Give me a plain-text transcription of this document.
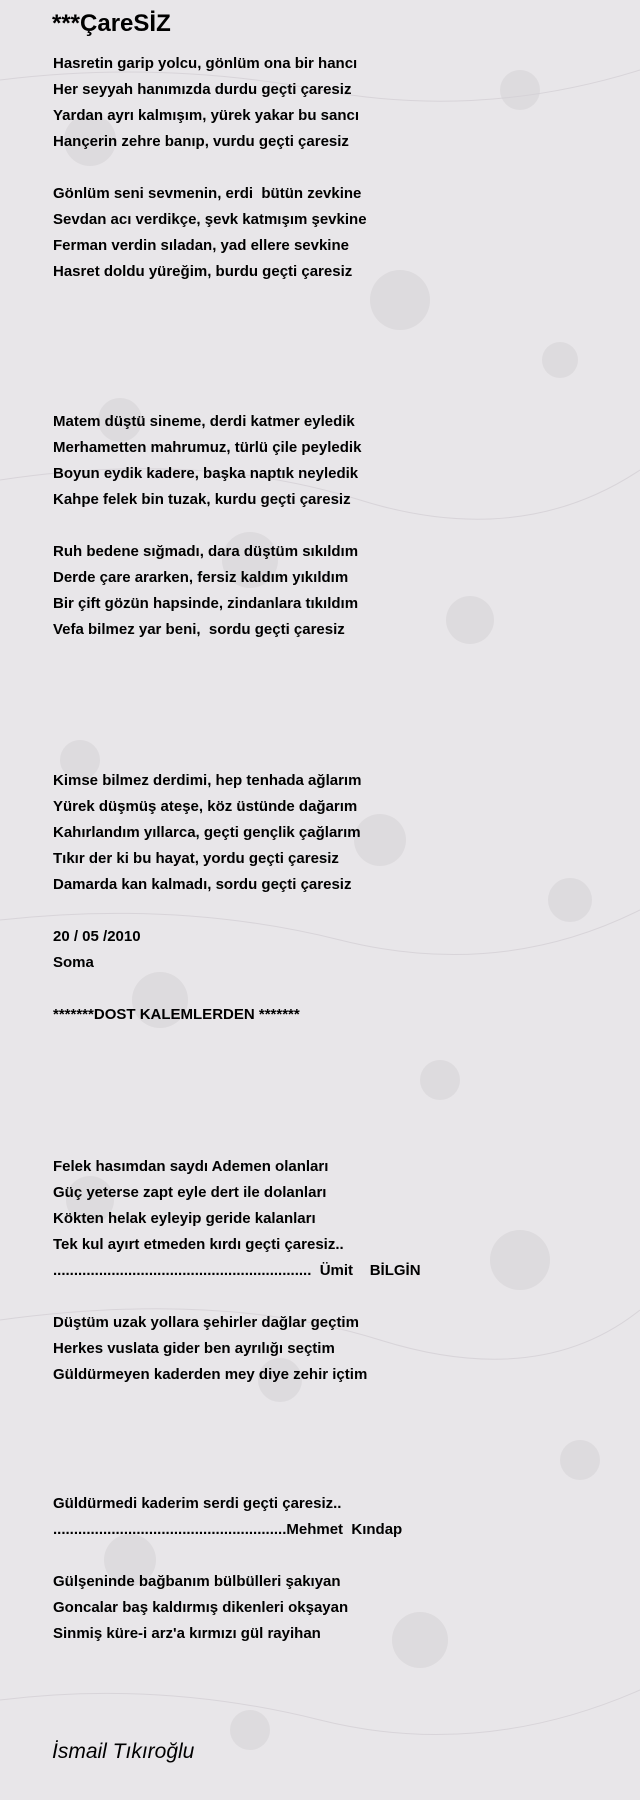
***ÇareSİZ
Hasretin garip yolcu, gönlüm ona bir hancı
Her seyyah hanımızda durdu geçti çaresiz
Yardan ayrı kalmışım, yürek yakar bu sancı
Hançerin zehre banıp, vurdu geçti çaresiz
Gönlüm seni sevmenin, erdi  bütün zevkine
Sevdan acı verdikçe, şevk katmışım şevkine
Ferman verdin sıladan, yad ellere sevkine
Hasret doldu yüreğim, burdu geçti çaresiz
Matem düştü sineme, derdi katmer eyledik
Merhametten mahrumuz, türlü çile peyledik
Boyun eydik kadere, başka naptık neyledik
Kahpe felek bin tuzak, kurdu geçti çaresiz
Ruh bedene sığmadı, dara düştüm sıkıldım
Derde çare ararken, fersiz kaldım yıkıldım
Bir çift gözün hapsinde, zindanlara tıkıldım
Vefa bilmez yar beni,  sordu geçti çaresiz
Kimse bilmez derdimi, hep tenhada ağlarım
Yürek düşmüş ateşe, köz üstünde dağarım
Kahırlandım yıllarca, geçti gençlik çağlarım
Tıkır der ki bu hayat, yordu geçti çaresiz
Damarda kan kalmadı, sordu geçti çaresiz
20 / 05 /2010
Soma
*******DOST KALEMLERDEN *******
Felek hasımdan saydı Ademen olanları
Güç yeterse zapt eyle dert ile dolanları
Kökten helak eyleyip geride kalanları
Tek kul ayırt etmeden kırdı geçti çaresiz..
..............................................................  Ümit    BİLGİN
Düştüm uzak yollara şehirler dağlar geçtim
Herkes vuslata gider ben ayrılığı seçtim
Güldürmeyen kaderden mey diye zehir içtim
Güldürmedi kaderim serdi geçti çaresiz..
........................................................Mehmet  Kındap
Gülşeninde bağbanım bülbülleri şakıyan
Goncalar baş kaldırmış dikenleri okşayan
Sinmiş küre-i arz'a kırmızı gül rayihan
İsmail Tıkıroğlu
